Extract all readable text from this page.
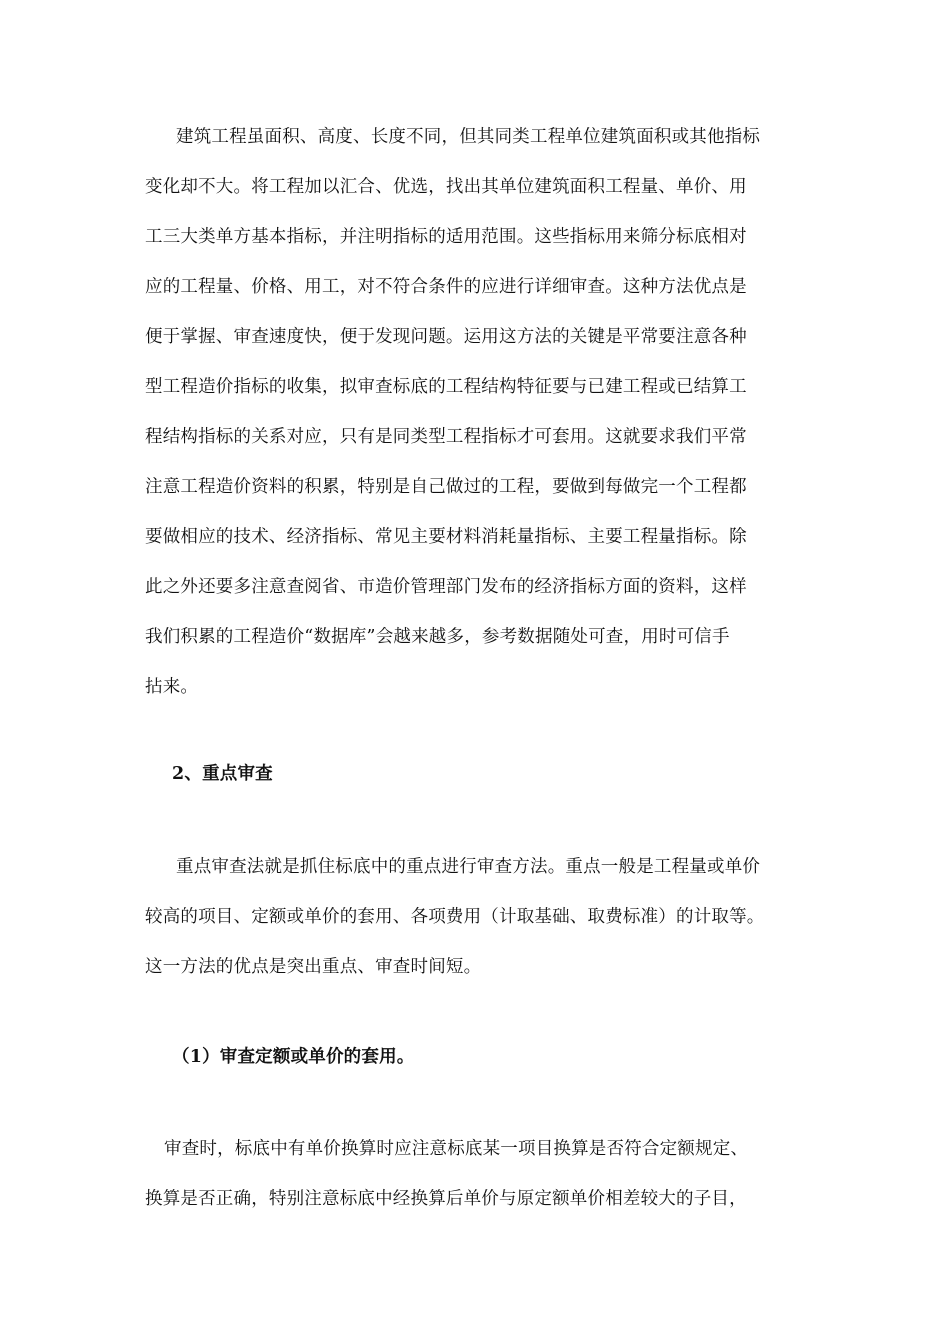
建筑工程虽面积、高度、长度不同，但其同类工程单位建筑面积或其他指标
变化却不大。将工程加以汇合、优选，找出其单位建筑面积工程量、单价、用
工三大类单方基本指标，并注明指标的适用范围。这些指标用来筛分标底相对
应的工程量、价格、用工，对不符合条件的应进行详细审查。这种方法优点是
便于掌握、审查速度快，便于发现问题。运用这方法的关键是平常要注意各种
型工程造价指标的收集，拟审查标底的工程结构特征要与已建工程或已结算工
程结构指标的关系对应，只有是同类型工程指标才可套用。这就要求我们平常
注意工程造价资料的积累，特别是自己做过的工程，要做到每做完一个工程都
要做相应的技术、经济指标、常见主要材料消耗量指标、主要工程量指标。除
此之外还要多注意查阅省、市造价管理部门发布的经济指标方面的资料，这样
我们积累的工程造价“数据库”会越来越多，参考数据随处可查，用时可信手
拈来。
2、重点审查
重点审查法就是抓住标底中的重点进行审查方法。重点一般是工程量或单价
较高的项目、定额或单价的套用、各项费用（计取基础、取费标准）的计取等。
这一方法的优点是突出重点、审查时间短。
（1）审查定额或单价的套用。
审查时，标底中有单价换算时应注意标底某一项目换算是否符合定额规定、
换算是否正确，特别注意标底中经换算后单价与原定额单价相差较大的子目，
